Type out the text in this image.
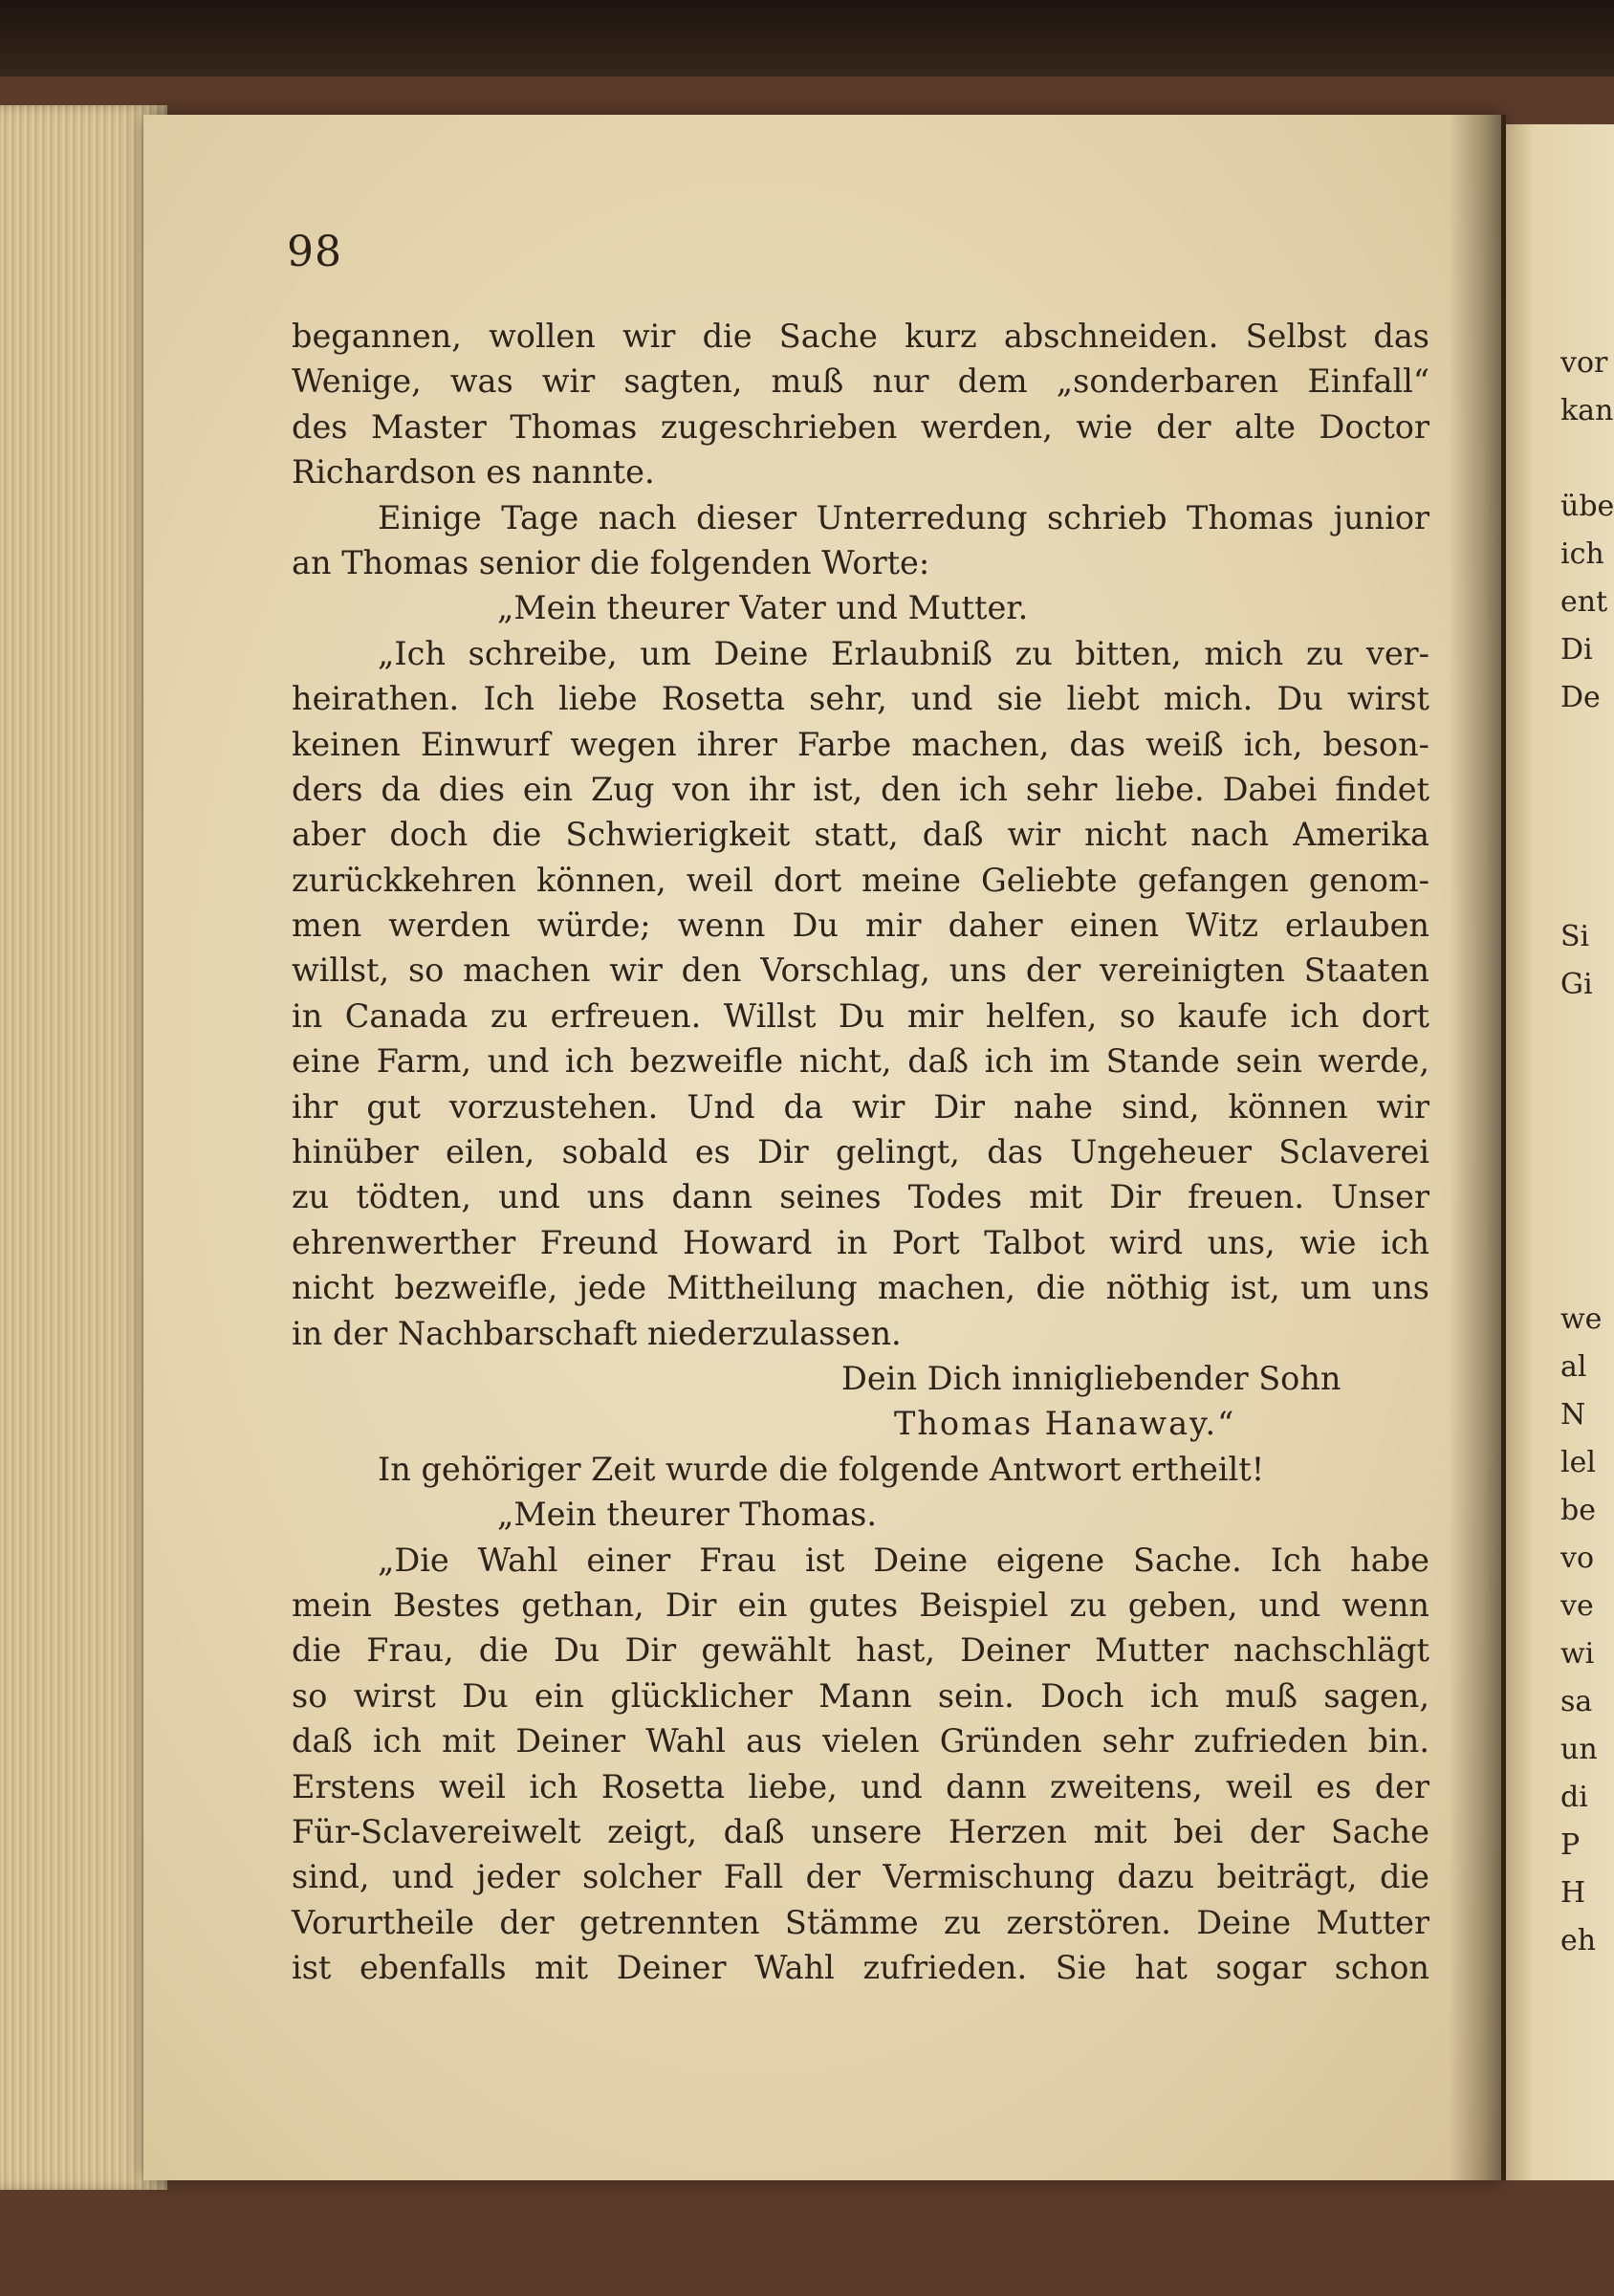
98
begannen, wollen wir die Sache kurz abschneiden. Selbst das
Wenige, was wir sagten, muß nur dem „sonderbaren Einfall“
des Master Thomas zugeschrieben werden, wie der alte Doctor
Richardson es nannte.
Einige Tage nach dieser Unterredung schrieb Thomas junior
an Thomas senior die folgenden Worte:
„Mein theurer Vater und Mutter.
„Ich schreibe, um Deine Erlaubniß zu bitten, mich zu ver-
heirathen. Ich liebe Rosetta sehr, und sie liebt mich. Du wirst
keinen Einwurf wegen ihrer Farbe machen, das weiß ich, beson-
ders da dies ein Zug von ihr ist, den ich sehr liebe. Dabei findet
aber doch die Schwierigkeit statt, daß wir nicht nach Amerika
zurückkehren können, weil dort meine Geliebte gefangen genom-
men werden würde; wenn Du mir daher einen Witz erlauben
willst, so machen wir den Vorschlag, uns der vereinigten Staaten
in Canada zu erfreuen. Willst Du mir helfen, so kaufe ich dort
eine Farm, und ich bezweifle nicht, daß ich im Stande sein werde,
ihr gut vorzustehen. Und da wir Dir nahe sind, können wir
hinüber eilen, sobald es Dir gelingt, das Ungeheuer Sclaverei
zu tödten, und uns dann seines Todes mit Dir freuen. Unser
ehrenwerther Freund Howard in Port Talbot wird uns, wie ich
nicht bezweifle, jede Mittheilung machen, die nöthig ist, um uns
in der Nachbarschaft niederzulassen.
Dein Dich innigliebender Sohn
Thomas Hanaway.“
In gehöriger Zeit wurde die folgende Antwort ertheilt!
„Mein theurer Thomas.
„Die Wahl einer Frau ist Deine eigene Sache. Ich habe
mein Bestes gethan, Dir ein gutes Beispiel zu geben, und wenn
die Frau, die Du Dir gewählt hast, Deiner Mutter nachschlägt
so wirst Du ein glücklicher Mann sein. Doch ich muß sagen,
daß ich mit Deiner Wahl aus vielen Gründen sehr zufrieden bin.
Erstens weil ich Rosetta liebe, und dann zweitens, weil es der
Für-Sclavereiwelt zeigt, daß unsere Herzen mit bei der Sache
sind, und jeder solcher Fall der Vermischung dazu beiträgt, die
Vorurtheile der getrennten Stämme zu zerstören. Deine Mutter
ist ebenfalls mit Deiner Wahl zufrieden. Sie hat sogar schon
vor
kan
übe
ich
ent
Di
De
Si
Gi
we
al
N
lel
be
vo
ve
wi
sa
un
di
P
H
eh
